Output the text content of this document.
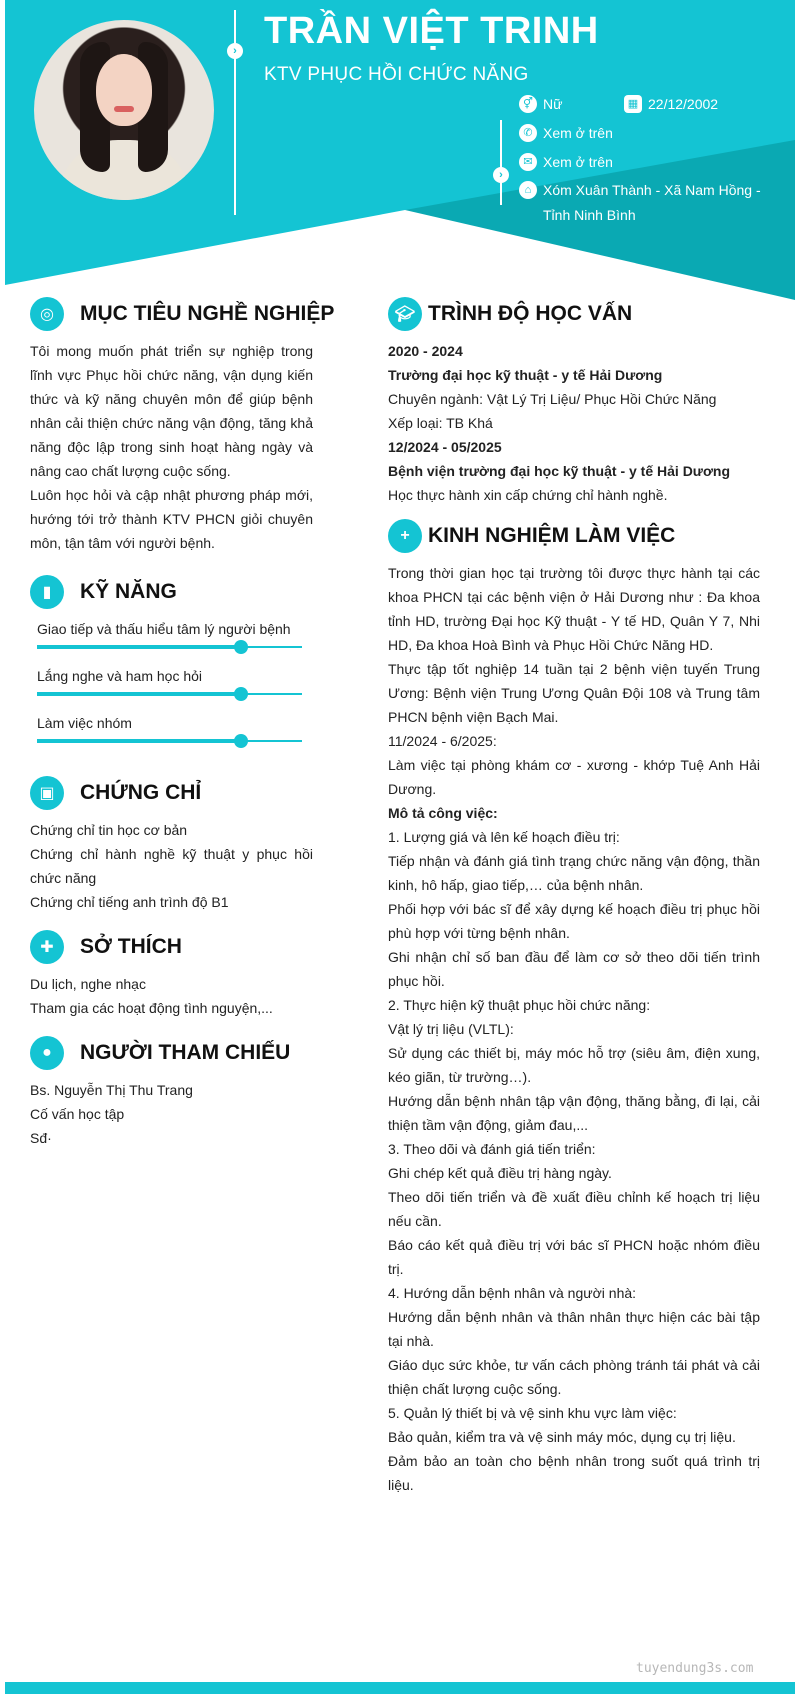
› TRẦN VIỆT TRINH
KTV PHỤC HỒI CHỨC NĂNG
›
⚥ Nữ	▦ 22/12/2002
✆ Xem ở trên
✉ Xem ở trên
⌂ Xóm Xuân Thành - Xã Nam Hồng -
Tỉnh Ninh Bình
◎	MỤC TIÊU NGHỀ NGHIỆP

Tôi mong muốn phát triển sự nghiệp trong lĩnh vực Phục hồi chức năng, vận dụng kiến thức và kỹ năng chuyên môn để giúp bệnh nhân cải thiện chức năng vận động, tăng khả năng độc lập trong sinh hoạt hàng ngày và nâng cao chất lượng cuộc sống.

Luôn học hỏi và cập nhật phương pháp mới, hướng tới trở thành KTV PHCN giỏi chuyên môn, tận tâm với người bệnh.

▮	KỸ NĂNG
Giao tiếp và thấu hiểu tâm lý người bệnh
Lắng nghe và ham học hỏi
Làm việc nhóm
▣	CHỨNG CHỈ

Chứng chỉ tin học cơ bản

Chứng chỉ hành nghề kỹ thuật y phục hồi chức năng

Chứng chỉ tiếng anh trình độ B1

✚	SỞ THÍCH

Du lịch, nghe nhạc

Tham gia các hoạt động tình nguyện,...

●	NGƯỜI THAM CHIẾU

Bs. Nguyễn Thị Thu Trang

Cố vấn học tập

Sđ·

🎓︎ TRÌNH ĐỘ HỌC VẤN

2020 - 2024

Trường đại học kỹ thuật - y tế Hải Dương

Chuyên ngành: Vật Lý Trị Liệu/ Phục Hồi Chức Năng

Xếp loại: TB Khá

12/2024 - 05/2025

Bệnh viện trường đại học kỹ thuật - y tế Hải Dương

Học thực hành xin cấp chứng chỉ hành nghề.

+ KINH NGHIỆM LÀM VIỆC

Trong thời gian học tại trường tôi được thực hành tại các khoa PHCN tại các bệnh viện ở Hải Dương như : Đa khoa tỉnh HD, trường Đại học Kỹ thuật - Y tế HD, Quân Y 7, Nhi HD, Đa khoa Hoà Bình và Phục Hồi Chức Năng HD.

Thực tập tốt nghiệp 14 tuần tại 2 bệnh viện tuyến Trung Ương: Bệnh viện Trung Ương Quân Đội 108 và Trung tâm PHCN bệnh viện Bạch Mai.

11/2024 - 6/2025:

Làm việc tại phòng khám cơ - xương - khớp Tuệ Anh Hải Dương.

Mô tả công việc:

1. Lượng giá và lên kế hoạch điều trị:

Tiếp nhận và đánh giá tình trạng chức năng vận động, thần kinh, hô hấp, giao tiếp,… của bệnh nhân.

Phối hợp với bác sĩ để xây dựng kế hoạch điều trị phục hồi phù hợp với từng bệnh nhân.

Ghi nhận chỉ số ban đầu để làm cơ sở theo dõi tiến trình phục hồi.

2. Thực hiện kỹ thuật phục hồi chức năng:

Vật lý trị liệu (VLTL):

Sử dụng các thiết bị, máy móc hỗ trợ (siêu âm, điện xung, kéo giãn, từ trường…).

Hướng dẫn bệnh nhân tập vận động, thăng bằng, đi lại, cải thiện tầm vận động, giảm đau,...

3. Theo dõi và đánh giá tiến triển:

Ghi chép kết quả điều trị hàng ngày.

Theo dõi tiến triển và đề xuất điều chỉnh kế hoạch trị liệu nếu cần.

Báo cáo kết quả điều trị với bác sĩ PHCN hoặc nhóm điều trị.

4. Hướng dẫn bệnh nhân và người nhà:

Hướng dẫn bệnh nhân và thân nhân thực hiện các bài tập tại nhà.

Giáo dục sức khỏe, tư vấn cách phòng tránh tái phát và cải thiện chất lượng cuộc sống.

5. Quản lý thiết bị và vệ sinh khu vực làm việc:

Bảo quản, kiểm tra và vệ sinh máy móc, dụng cụ trị liệu.

Đảm bảo an toàn cho bệnh nhân trong suốt quá trình trị liệu.

tuyendung3s.com
